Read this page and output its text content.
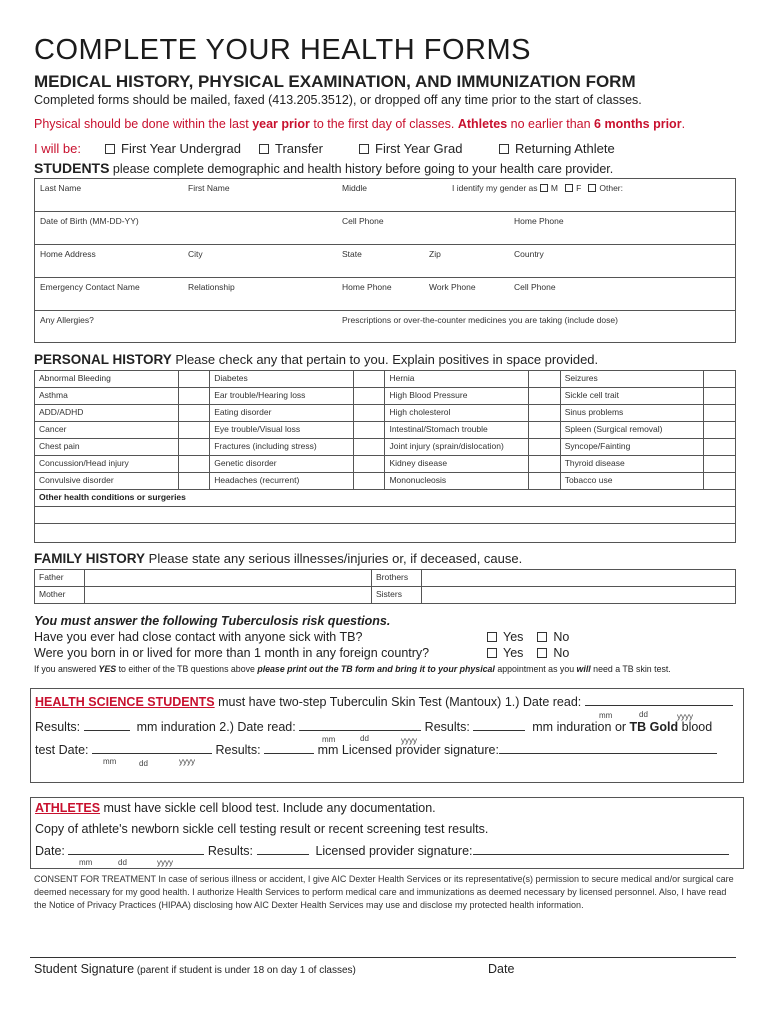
COMPLETE YOUR HEALTH FORMS
MEDICAL HISTORY, PHYSICAL EXAMINATION, AND IMMUNIZATION FORM
Completed forms should be mailed, faxed (413.205.3512), or dropped off any time prior to the start of classes.
Physical should be done within the last year prior to the first day of classes. Athletes no earlier than 6 months prior.
I will be:	First Year Undergrad	Transfer	First Year Grad	Returning Athlete
STUDENTS please complete demographic and health history before going to your health care provider.
Last Name	First Name	Middle	I identify my gender as M F Other:
Date of Birth (MM-DD-YY)	Cell Phone	Home Phone
Home Address	City	State	Zip	Country
Emergency Contact Name	Relationship	Home Phone	Work Phone	Cell Phone
Any Allergies?	Prescriptions or over-the-counter medicines you are taking (include dose)
PERSONAL HISTORY Please check any that pertain to you. Explain positives in space provided.
Abnormal Bleeding		Diabetes		Hernia		Seizures	
Asthma		Ear trouble/Hearing loss		High Blood Pressure		Sickle cell trait	
ADD/ADHD		Eating disorder		High cholesterol		Sinus problems	
Cancer		Eye trouble/Visual loss		Intestinal/Stomach trouble		Spleen (Surgical removal)	
Chest pain		Fractures (including stress)		Joint injury (sprain/dislocation)		Syncope/Fainting	
Concussion/Head injury		Genetic disorder		Kidney disease		Thyroid disease	
Convulsive disorder		Headaches (recurrent)		Mononucleosis		Tobacco use	
Other health conditions or surgeries
FAMILY HISTORY Please state any serious illnesses/injuries or, if deceased, cause.
Father		Brothers	
Mother		Sisters	
You must answer the following Tuberculosis risk questions.
Have you ever had close contact with anyone sick with TB?
Were you born in or lived for more than 1 month in any foreign country?
Yes No
Yes No
If you answered YES to either of the TB questions above please print out the TB form and bring it to your physical appointment as you will need a TB skin test.
HEALTH SCIENCE STUDENTS must have two-step Tuberculin Skin Test (Mantoux) 1.) Date read:
mm	dd	yyyy
Results:	mm induration 2.) Date read:	Results:	mm induration or TB Gold blood
mm	dd	yyyy
test Date:	Results:	mm Licensed provider signature:
mm	dd	yyyy
ATHLETES must have sickle cell blood test. Include any documentation.
Copy of athlete's newborn sickle cell testing result or recent screening test results.
Date:	Results:	Licensed provider signature:
mm	dd	yyyy
CONSENT FOR TREATMENT In case of serious illness or accident, I give AIC Dexter Health Services or its representative(s) permission to secure medical and/or surgical care deemed necessary for my good health. I authorize Health Services to perform medical care and immunizations as deemed necessary by licensed personnel. Also, I have read the Notice of Privacy Practices (HIPAA) disclosing how AIC Dexter Health Services may use and disclose my protected health information.
Student Signature (parent if student is under 18 on day 1 of classes)	Date
